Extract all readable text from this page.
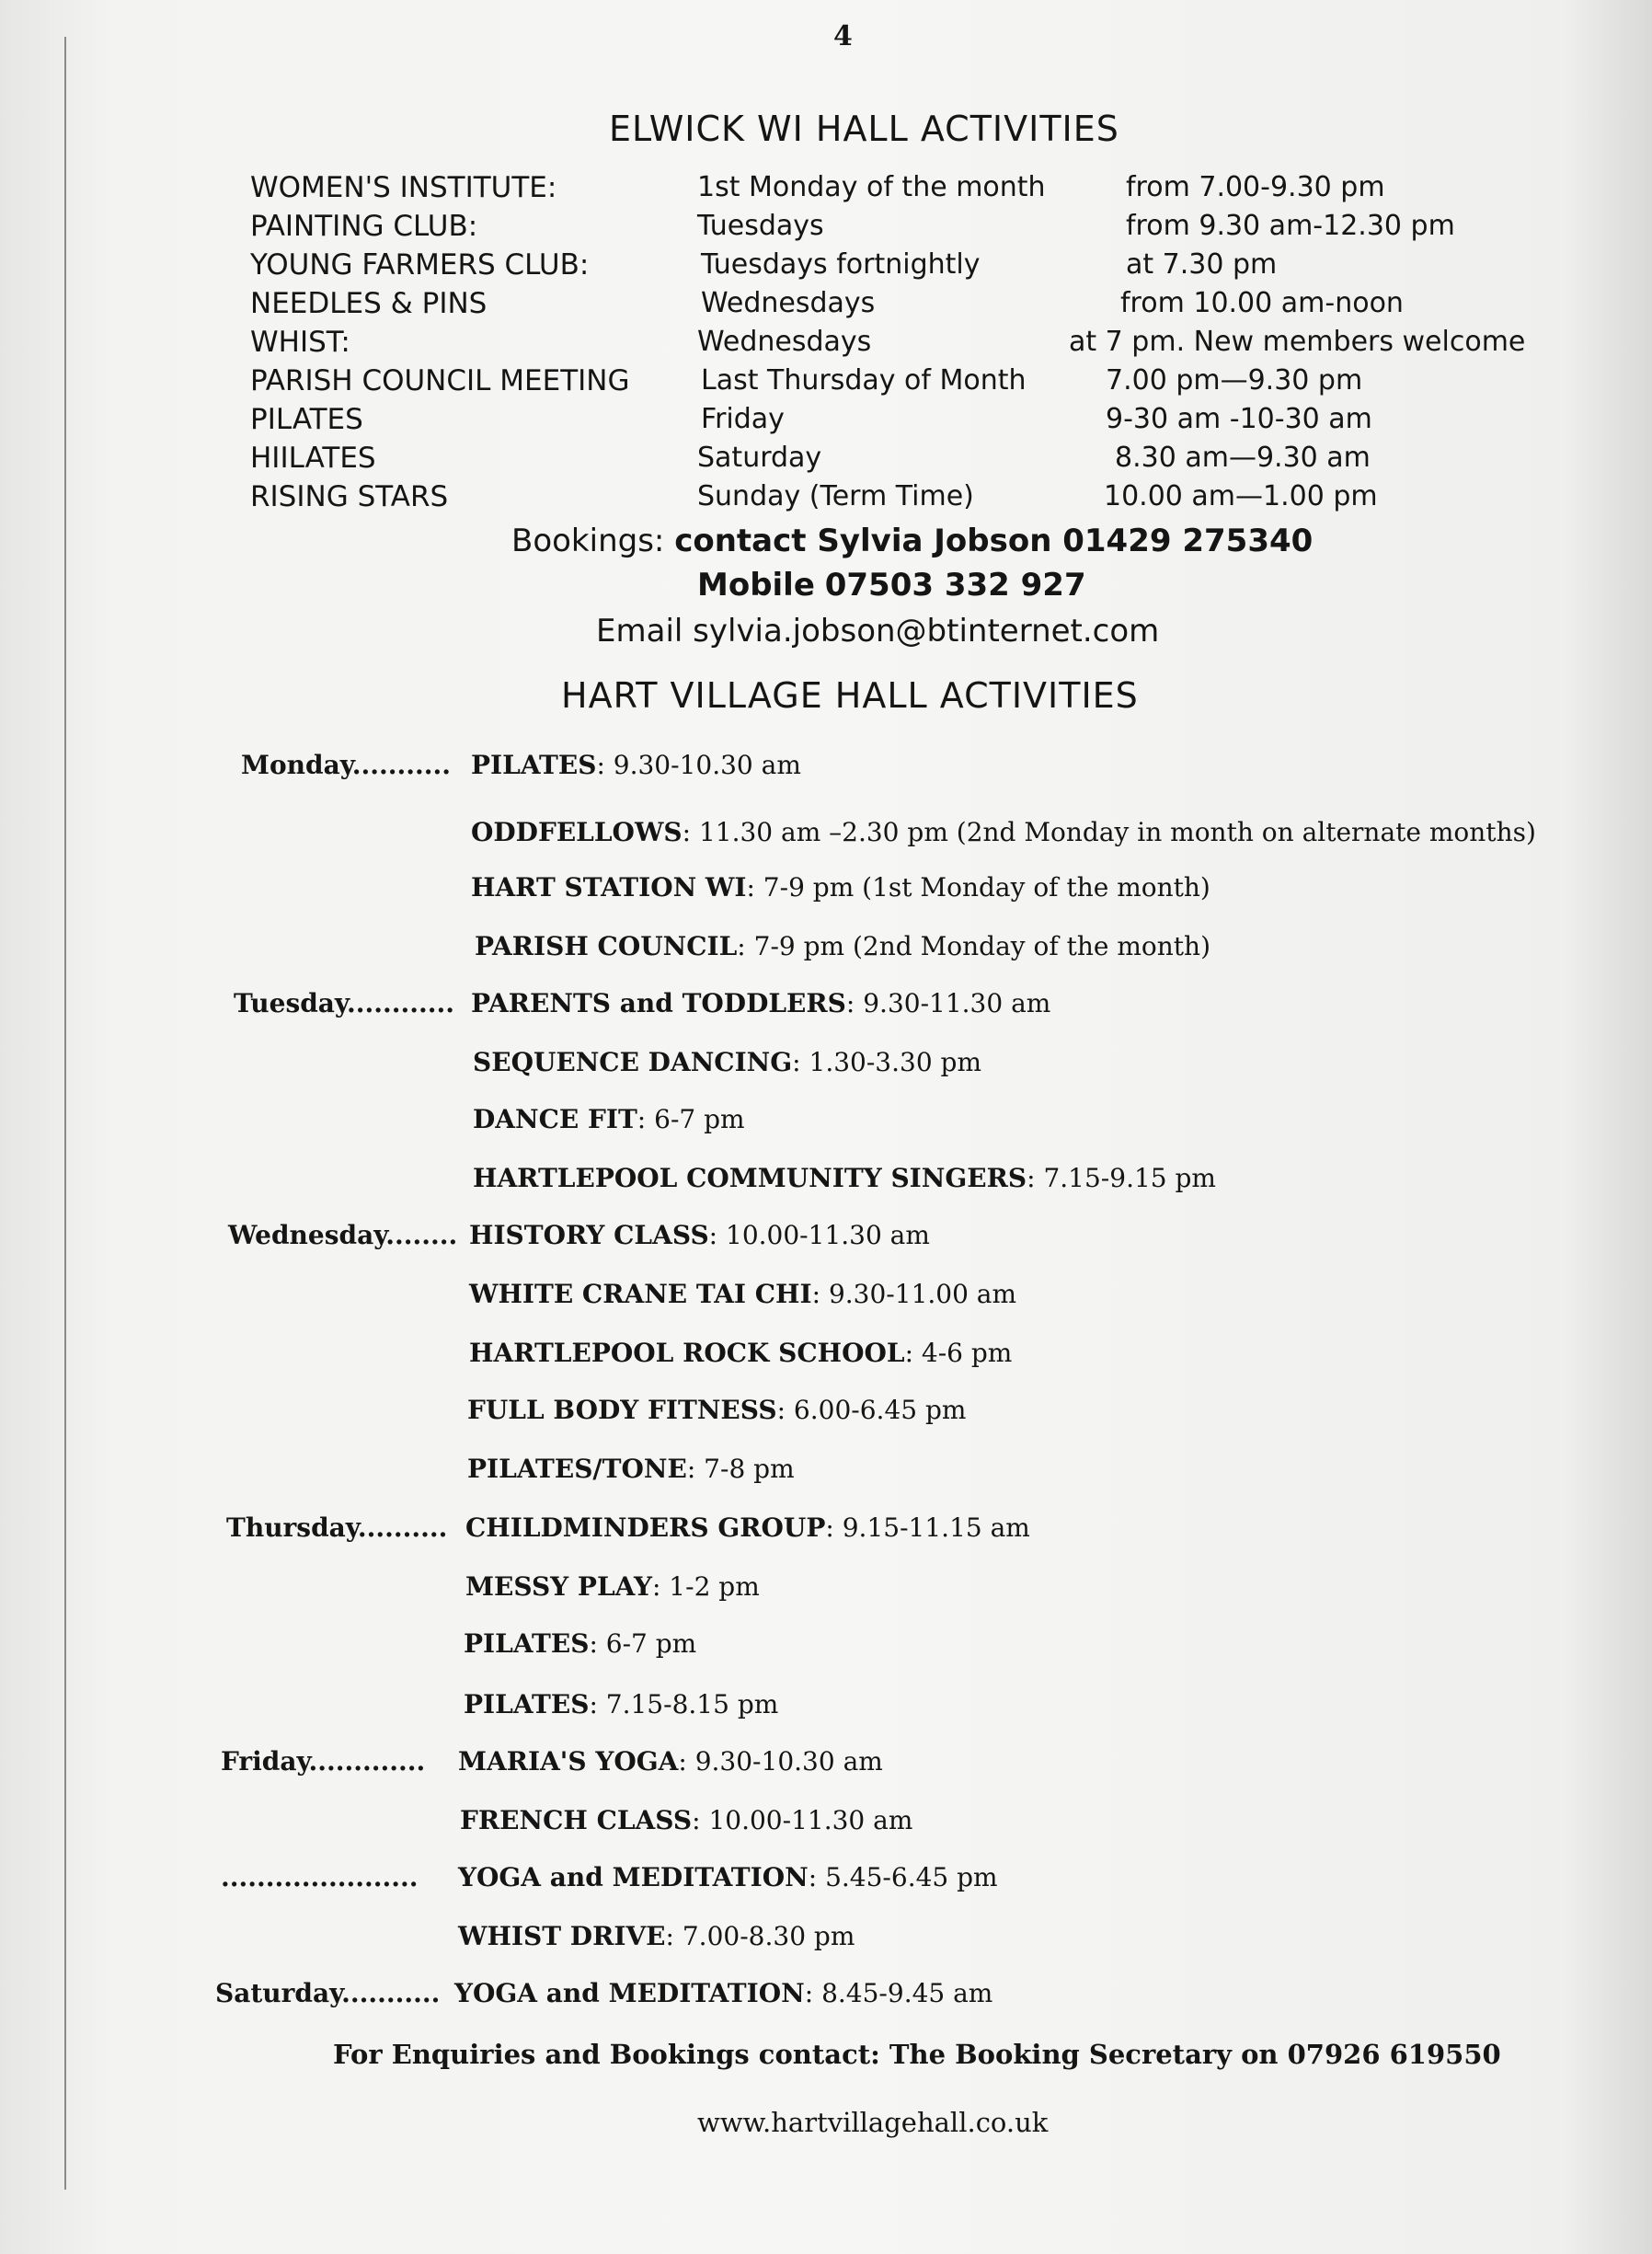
4
ELWICK WI HALL ACTIVITIES
WOMEN'S INSTITUTE:	1st Monday of the month	from 7.00-9.30 pm
PAINTING CLUB:	Tuesdays	from 9.30 am-12.30 pm
YOUNG FARMERS CLUB:	Tuesdays fortnightly	at 7.30 pm
NEEDLES & PINS	Wednesdays	from 10.00 am-noon
WHIST:	Wednesdays	at 7 pm. New members welcome
PARISH COUNCIL MEETING	Last Thursday of Month	7.00 pm—9.30 pm
PILATES	Friday	9-30 am -10-30 am
HIILATES	Saturday	8.30 am—9.30 am
RISING STARS	Sunday (Term Time)	10.00 am—1.00 pm
Bookings: contact Sylvia Jobson 01429 275340
Mobile 07503 332 927
Email sylvia.jobson@btinternet.com
HART VILLAGE HALL ACTIVITIES
Monday........... PILATES: 9.30-10.30 am
ODDFELLOWS: 11.30 am –2.30 pm (2nd Monday in month on alternate months)
HART STATION WI: 7-9 pm (1st Monday of the month)
PARISH COUNCIL: 7-9 pm (2nd Monday of the month)
Tuesday............ PARENTS and TODDLERS: 9.30-11.30 am
SEQUENCE DANCING: 1.30-3.30 pm
DANCE FIT: 6-7 pm
HARTLEPOOL COMMUNITY SINGERS: 7.15-9.15 pm
Wednesday........ HISTORY CLASS: 10.00-11.30 am
WHITE CRANE TAI CHI: 9.30-11.00 am
HARTLEPOOL ROCK SCHOOL: 4-6 pm
FULL BODY FITNESS: 6.00-6.45 pm
PILATES/TONE: 7-8 pm
Thursday.......... CHILDMINDERS GROUP: 9.15-11.15 am
MESSY PLAY: 1-2 pm
PILATES: 6-7 pm
PILATES: 7.15-8.15 pm
Friday............. MARIA'S YOGA: 9.30-10.30 am
FRENCH CLASS: 10.00-11.30 am
...................... YOGA and MEDITATION: 5.45-6.45 pm
WHIST DRIVE: 7.00-8.30 pm
Saturday........... YOGA and MEDITATION: 8.45-9.45 am
For Enquiries and Bookings contact: The Booking Secretary on 07926 619550
www.hartvillagehall.co.uk
